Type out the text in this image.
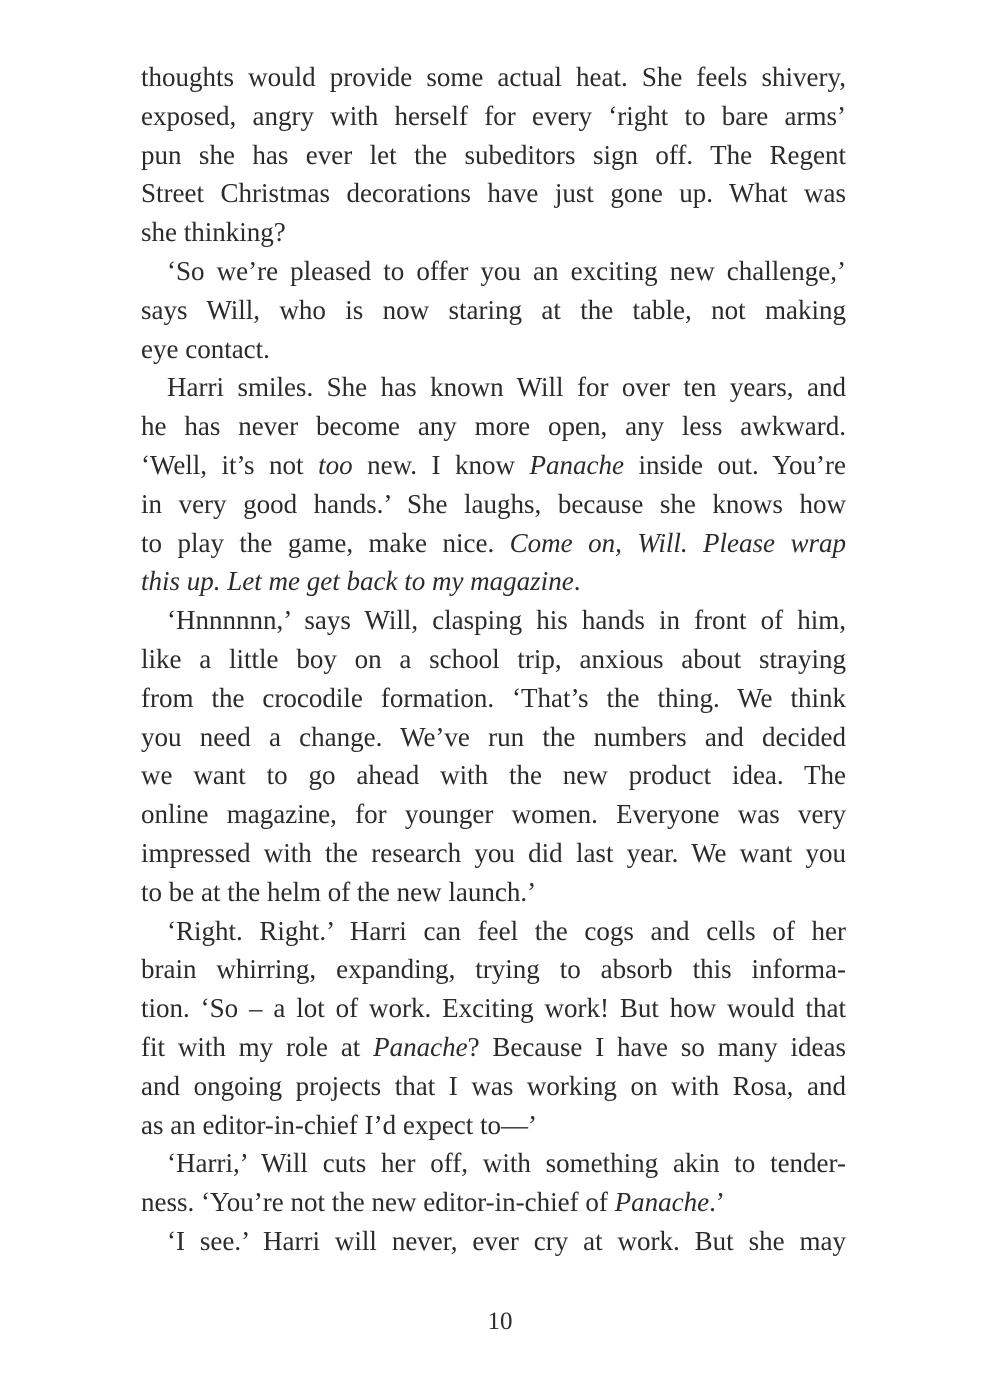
thoughts would provide some actual heat. She feels shivery,
exposed, angry with herself for every ‘right to bare arms’
pun she has ever let the subeditors sign off. The Regent
Street Christmas decorations have just gone up. What was
she thinking?
‘So we’re pleased to offer you an exciting new challenge,’
says Will, who is now staring at the table, not making
eye contact.
Harri smiles. She has known Will for over ten years, and
he has never become any more open, any less awkward.
‘Well, it’s not too new. I know Panache inside out. You’re
in very good hands.’ She laughs, because she knows how
to play the game, make nice. Come on, Will. Please wrap
this up. Let me get back to my magazine.
‘Hnnnnnn,’ says Will, clasping his hands in front of him,
like a little boy on a school trip, anxious about straying
from the crocodile formation. ‘That’s the thing. We think
you need a change. We’ve run the numbers and decided
we want to go ahead with the new product idea. The
online magazine, for younger women. Everyone was very
impressed with the research you did last year. We want you
to be at the helm of the new launch.’
‘Right. Right.’ Harri can feel the cogs and cells of her
brain whirring, expanding, trying to absorb this informa-
tion. ‘So – a lot of work. Exciting work! But how would that
fit with my role at Panache? Because I have so many ideas
and ongoing projects that I was working on with Rosa, and
as an editor-in-chief I’d expect to—’
‘Harri,’ Will cuts her off, with something akin to tender-
ness. ‘You’re not the new editor-in-chief of Panache.’
‘I see.’ Harri will never, ever cry at work. But she may
10
